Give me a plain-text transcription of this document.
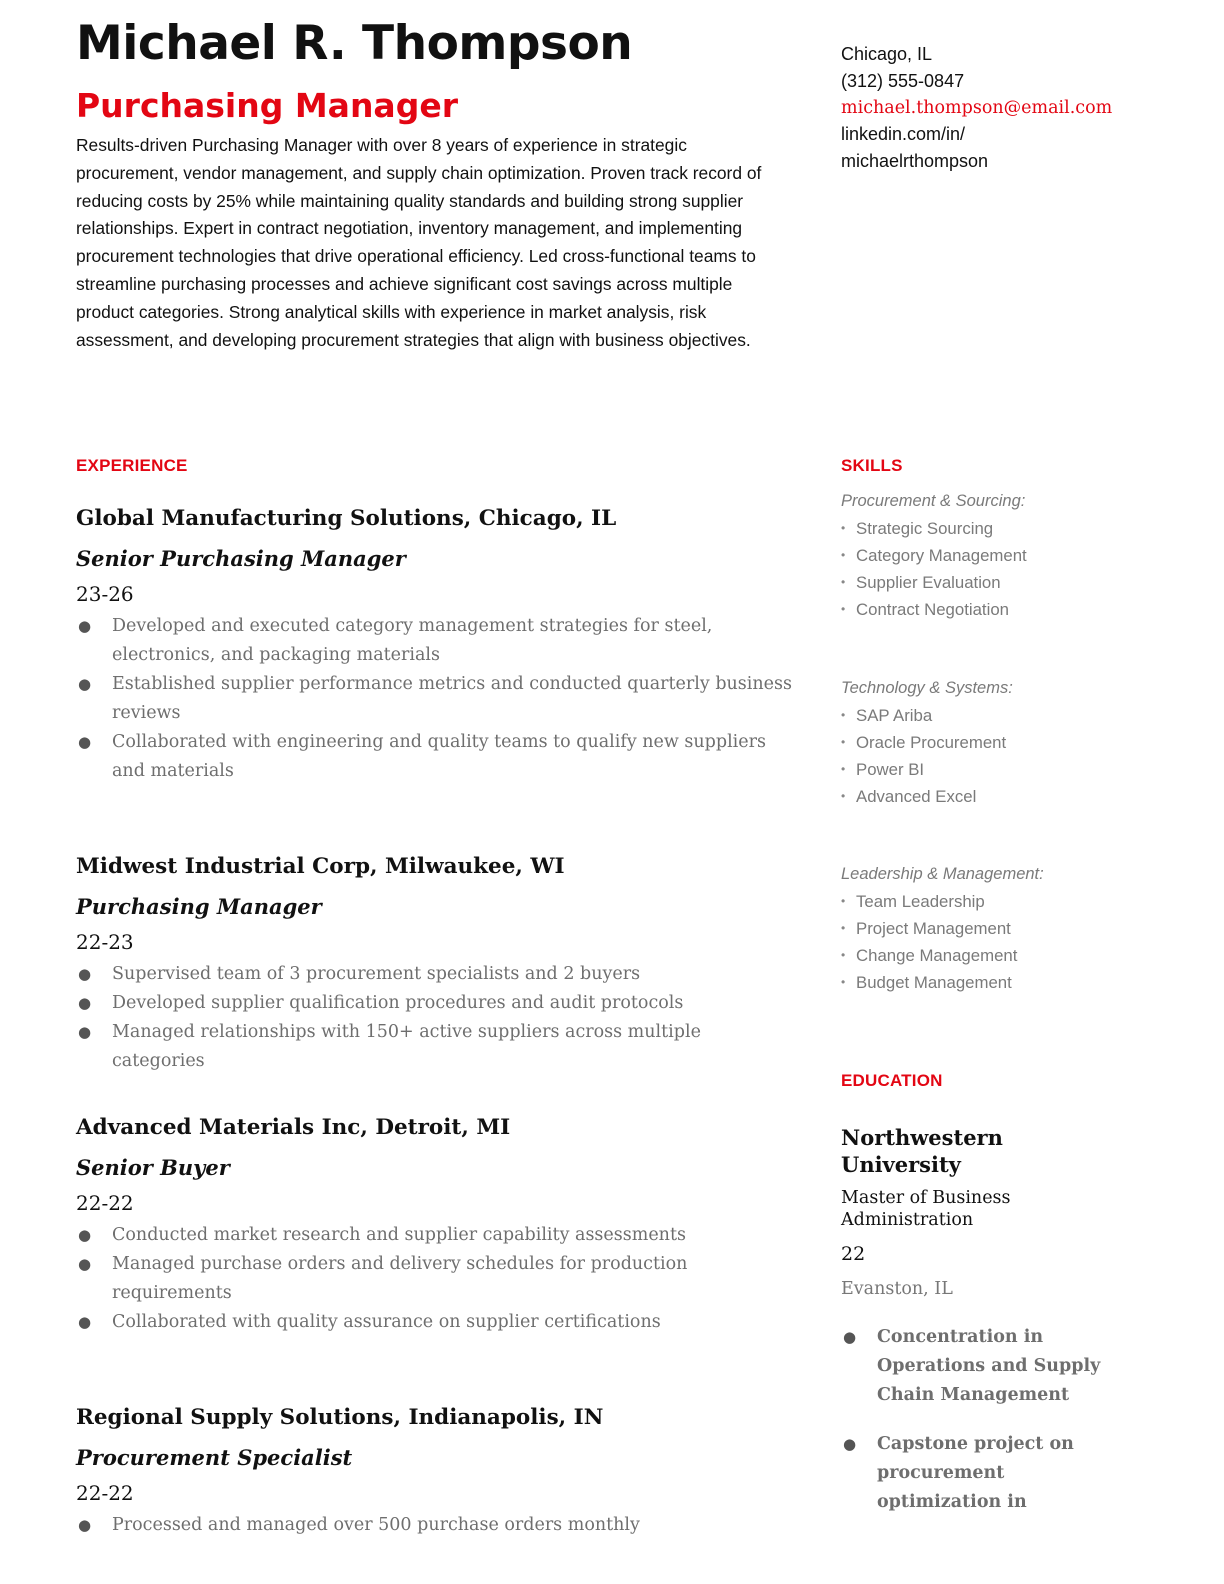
Michael R. Thompson
Purchasing Manager

Results-driven Purchasing Manager with over 8 years of experience in strategic procurement, vendor management, and supply chain optimization. Proven track record of reducing costs by 25% while maintaining quality standards and building strong supplier relationships. Expert in contract negotiation, inventory management, and implementing procurement technologies that drive operational efficiency. Led cross-functional teams to streamline purchasing processes and achieve significant cost savings across multiple product categories. Strong analytical skills with experience in market analysis, risk assessment, and developing procurement strategies that align with business objectives.

Chicago, IL
(312) 555-0847
michael.thompson@email.com
linkedin.com/in/ michaelrthompson
EXPERIENCE

Global Manufacturing Solutions, Chicago, IL

Senior Purchasing Manager

23-26

● Developed and executed category management strategies for steel, electronics, and packaging materials
● Established supplier performance metrics and conducted quarterly business reviews
● Collaborated with engineering and quality teams to qualify new suppliers and materials

Midwest Industrial Corp, Milwaukee, WI

Purchasing Manager

22-23

● Supervised team of 3 procurement specialists and 2 buyers
● Developed supplier qualification procedures and audit protocols
● Managed relationships with 150+ active suppliers across multiple categories

Advanced Materials Inc, Detroit, MI

Senior Buyer

22-22

● Conducted market research and supplier capability assessments
● Managed purchase orders and delivery schedules for production requirements
● Collaborated with quality assurance on supplier certifications

Regional Supply Solutions, Indianapolis, IN

Procurement Specialist

22-22

● Processed and managed over 500 purchase orders monthly
SKILLS

Procurement & Sourcing:

• Strategic Sourcing
• Category Management
• Supplier Evaluation
• Contract Negotiation

Technology & Systems:

• SAP Ariba
• Oracle Procurement
• Power BI
• Advanced Excel

Leadership & Management:

• Team Leadership
• Project Management
• Change Management
• Budget Management
EDUCATION

Northwestern University

Master of Business Administration

22

Evanston, IL

● Concentration in Operations and Supply Chain Management
● Capstone project on procurement optimization in
